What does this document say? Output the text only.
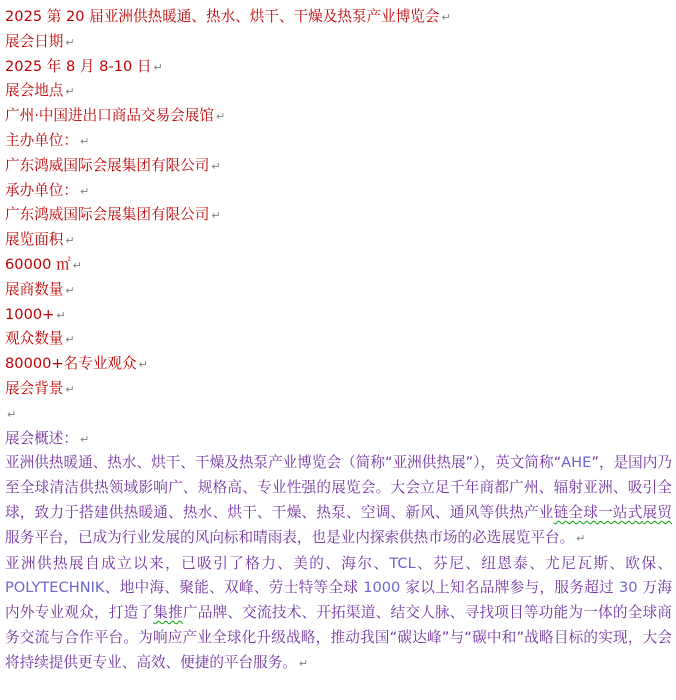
2025 第 20 届亚洲供热暖通、热水、烘干、干燥及热泵产业博览会 ↵
展会日期 ↵
2025 年 8 月 8-10 日 ↵
展会地点 ↵
广州·中国进出口商品交易会展馆 ↵
主办单位： ↵
广东鸿威国际会展集团有限公司 ↵
承办单位： ↵
广东鸿威国际会展集团有限公司 ↵
展览面积 ↵
60000 ㎡ ↵
展商数量 ↵
1000+ ↵
观众数量 ↵
80000+名专业观众 ↵
展会背景 ↵
↵
展会概述： ↵

亚洲供热暖通、热水、烘干、干燥及热泵产业博览会（简称“亚洲供热展”），英文简称“AHE”，是国内乃至全球清洁供热领域影响广、规格高、专业性强的展览会。大会立足千年商都广州、辐射亚洲、吸引全球，致力于搭建供热暖通、热水、烘干、干燥、热泵、空调、新风、通风等供热产业链全球一站式展贸服务平台，已成为行业发展的风向标和晴雨表，也是业内探索供热市场的必选展览平台。 ↵

亚洲供热展自成立以来，已吸引了格力、美的、海尔、TCL、芬尼、纽恩泰、尤尼瓦斯、欧保、POLYTECHNIK、地中海、聚能、双峰、劳士特等全球 1000 家以上知名品牌参与，服务超过 30 万海内外专业观众，打造了集推广品牌、交流技术、开拓渠道、结交人脉、寻找项目等功能为一体的全球商务交流与合作平台。为响应产业全球化升级战略，推动我国“碳达峰”与“碳中和”战略目标的实现，大会将持续提供更专业、高效、便捷的平台服务。 ↵
